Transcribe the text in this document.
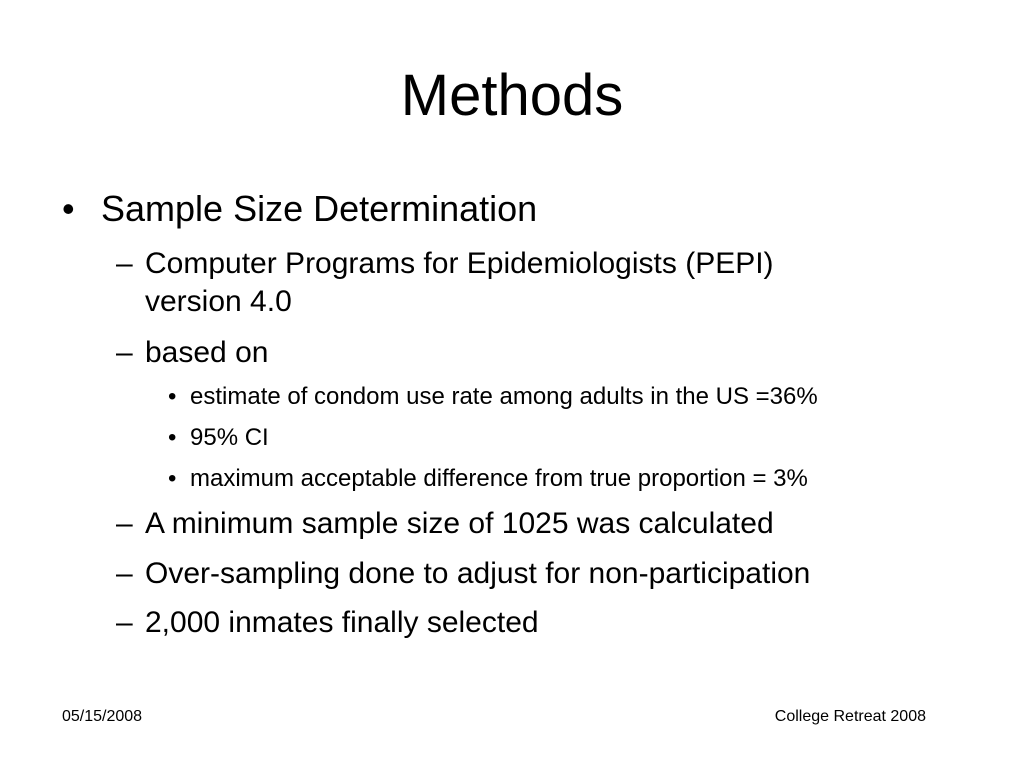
Methods
• Sample Size Determination
– Computer Programs for Epidemiologists (PEPI) version 4.0
– based on
• estimate of condom use rate among adults in the US =36%
• 95% CI
• maximum acceptable difference from true proportion = 3%
– A minimum sample size of 1025 was calculated
– Over-sampling done to adjust for non-participation
– 2,000 inmates finally selected
05/15/2008	College Retreat 2008
